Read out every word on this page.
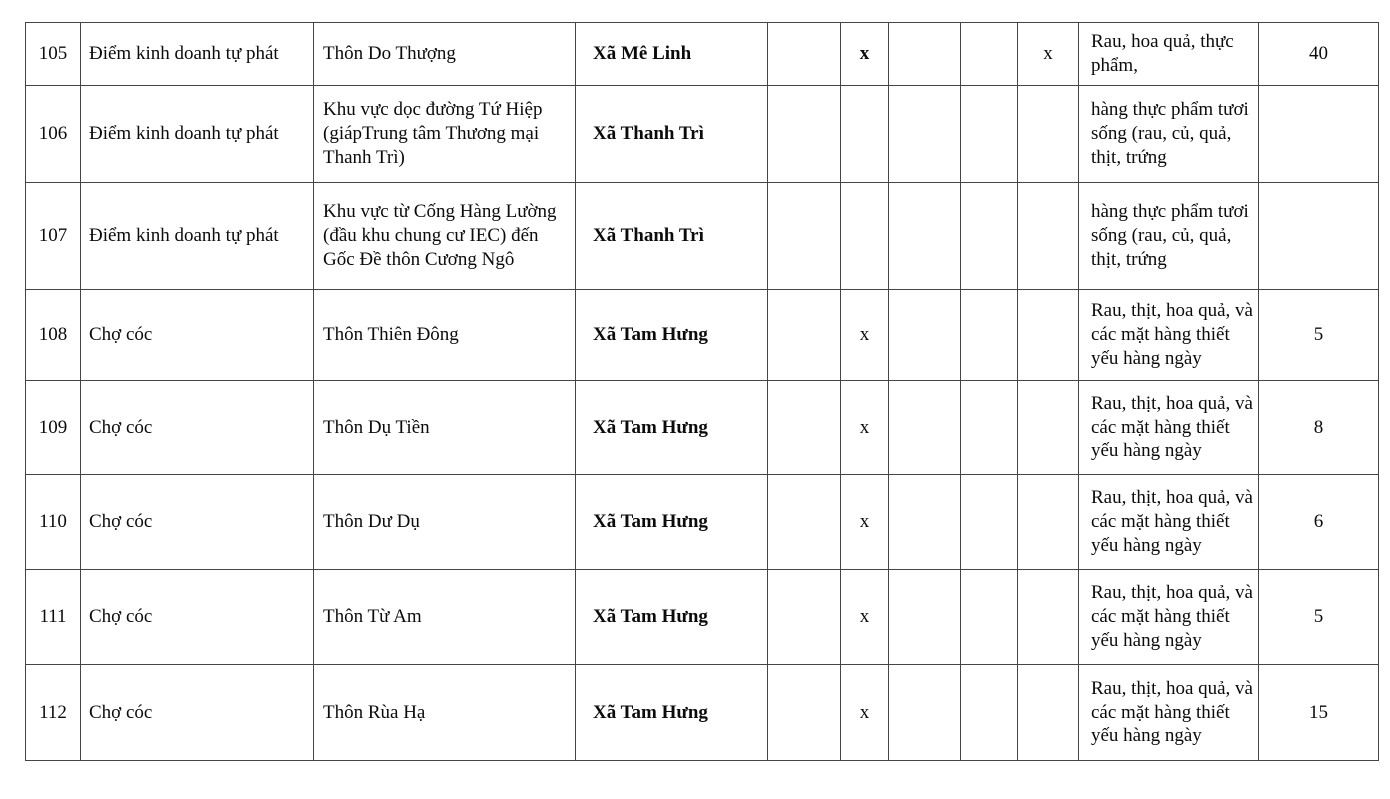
105	Điểm kinh doanh tự phát	Thôn Do Thượng	Xã Mê Linh		x			x	Rau, hoa quả, thực phẩm,	40
106	Điểm kinh doanh tự phát	Khu vực dọc đường Tứ Hiệp (giápTrung tâm Thương mại Thanh Trì)	Xã Thanh Trì						hàng thực phẩm tươi sống (rau, củ, quả, thịt, trứng	
107	Điểm kinh doanh tự phát	Khu vực từ Cống Hàng Lường (đầu khu chung cư IEC) đến Gốc Đề thôn Cương Ngô	Xã Thanh Trì						hàng thực phẩm tươi sống (rau, củ, quả, thịt, trứng	
108	Chợ cóc	Thôn Thiên Đông	Xã Tam Hưng		x				Rau, thịt, hoa quả, và các mặt hàng thiết yếu hàng ngày	5
109	Chợ cóc	Thôn Dụ Tiền	Xã Tam Hưng		x				Rau, thịt, hoa quả, và các mặt hàng thiết yếu hàng ngày	8
110	Chợ cóc	Thôn Dư Dụ	Xã Tam Hưng		x				Rau, thịt, hoa quả, và các mặt hàng thiết yếu hàng ngày	6
111	Chợ cóc	Thôn Từ Am	Xã Tam Hưng		x				Rau, thịt, hoa quả, và các mặt hàng thiết yếu hàng ngày	5
112	Chợ cóc	Thôn Rùa Hạ	Xã Tam Hưng		x				Rau, thịt, hoa quả, và các mặt hàng thiết yếu hàng ngày	15
